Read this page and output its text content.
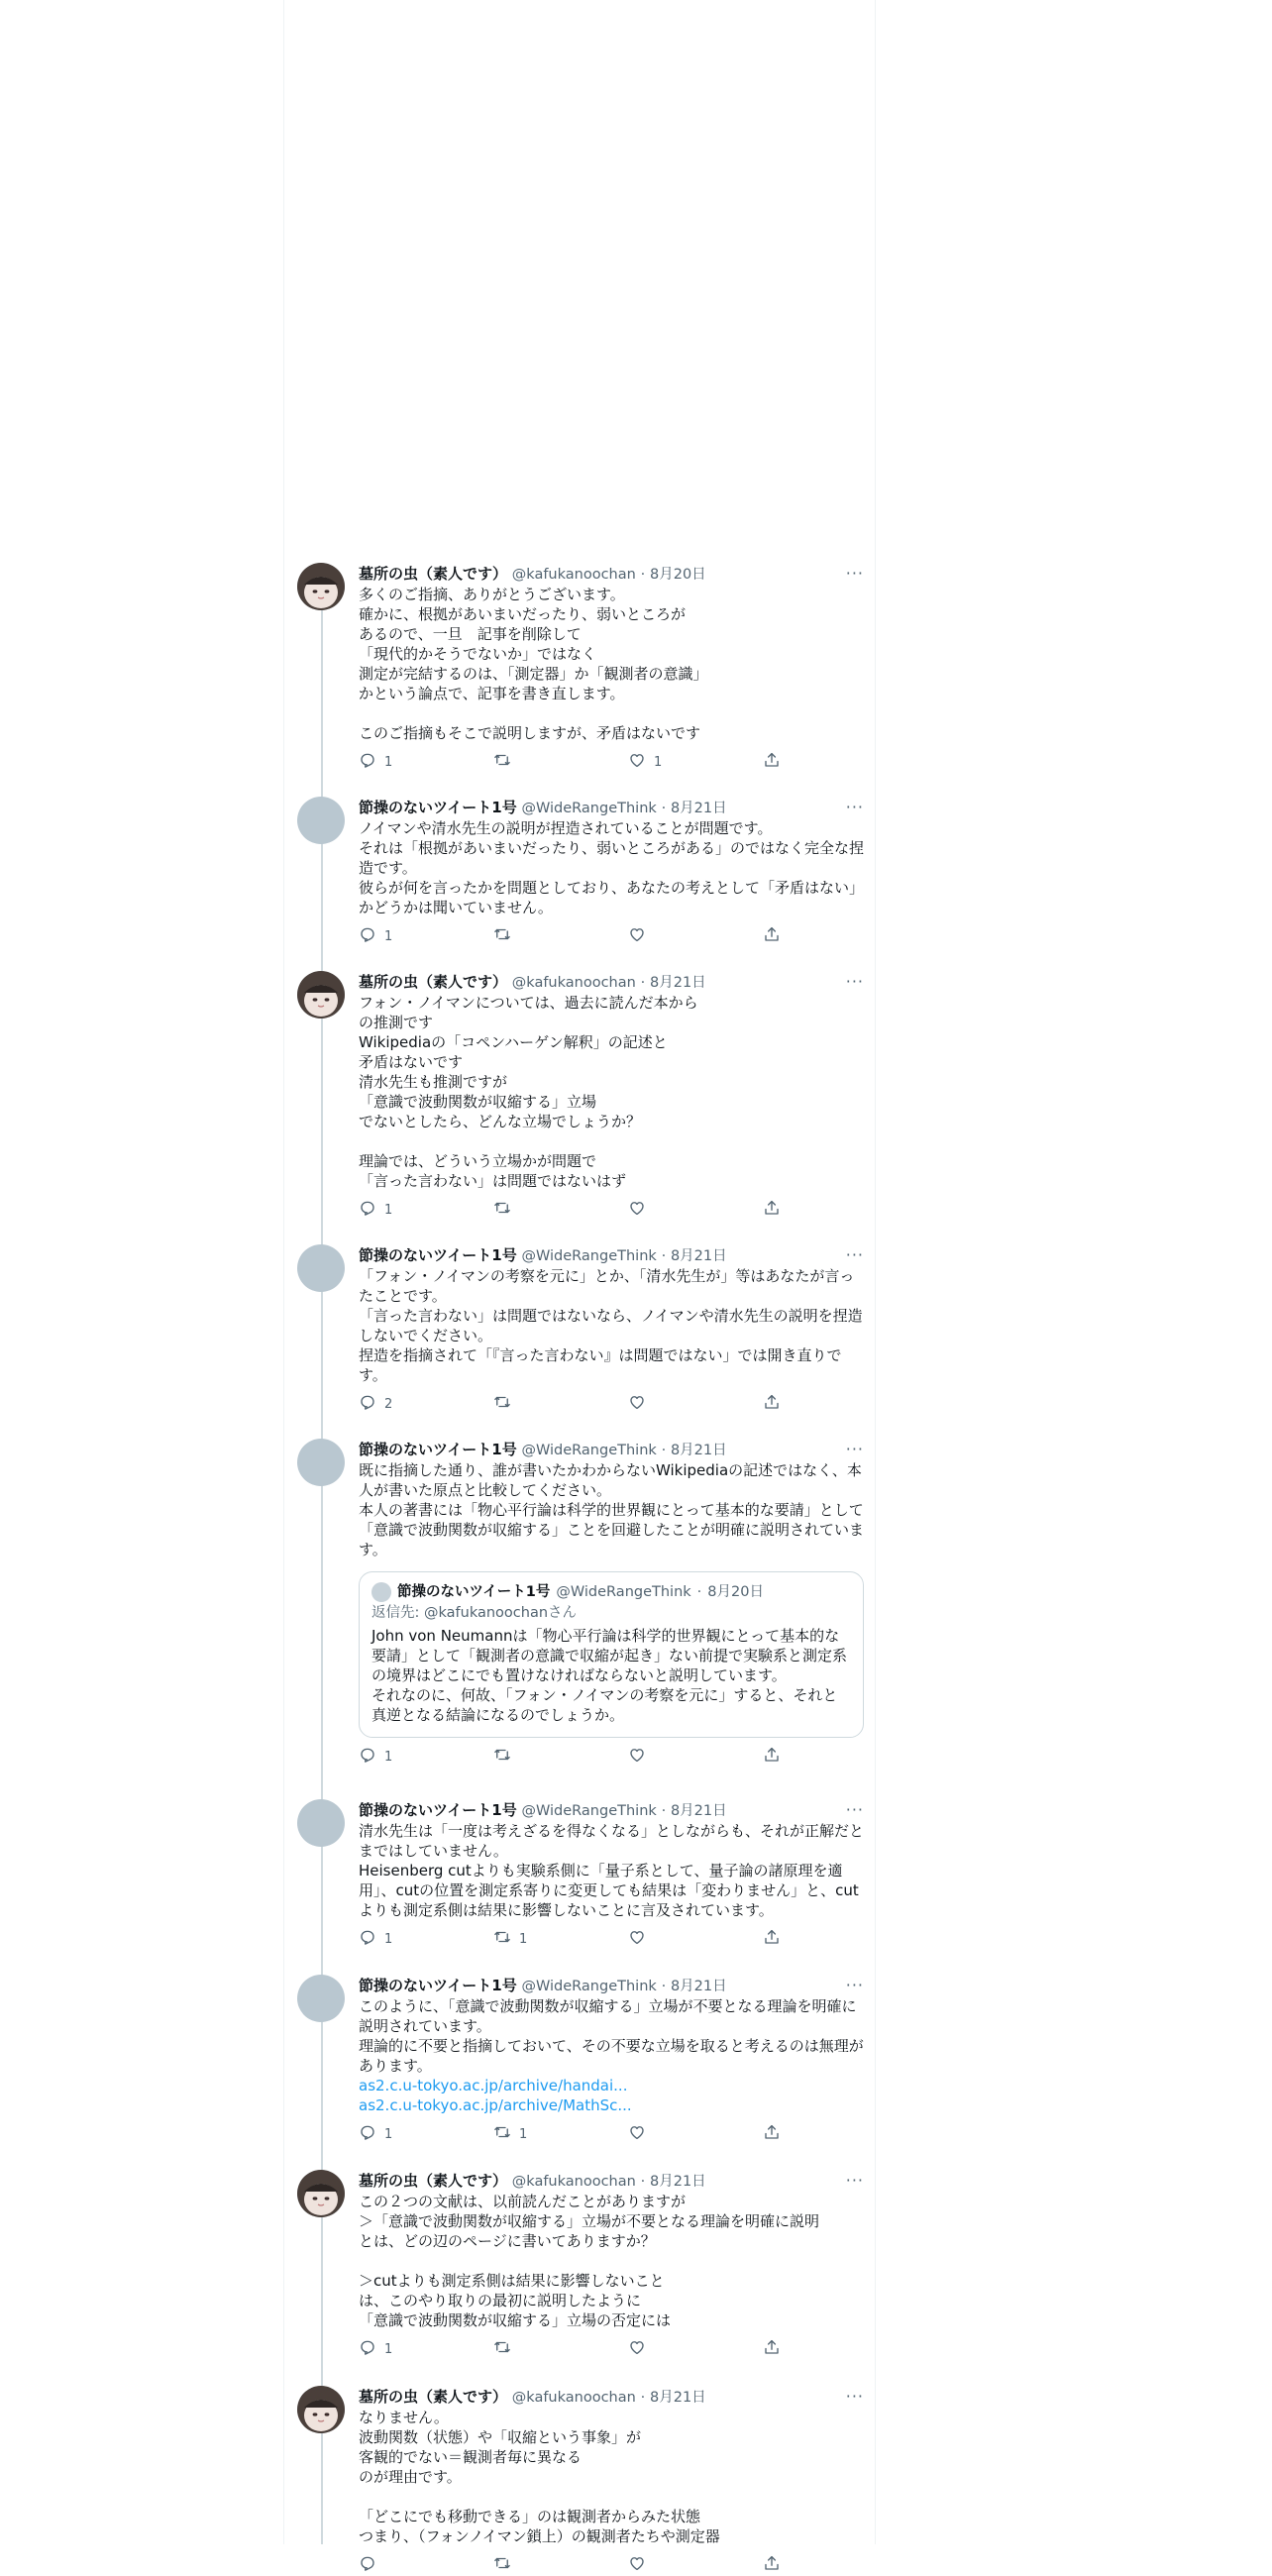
墓所の虫（素人です） @kafukanoochan · 8月20日	···
多くのご指摘、ありがとうございます。
確かに、根拠があいまいだったり、弱いところが
あるので、一旦　記事を削除して
「現代的かそうでないか」ではなく
測定が完結するのは、「測定器」か「観測者の意識」
かという論点で、記事を書き直します。

このご指摘もそこで説明しますが、矛盾はないです
1	1
節操のないツイート1号 @WideRangeThink · 8月21日	···
ノイマンや清水先生の説明が捏造されていることが問題です。
それは「根拠があいまいだったり、弱いところがある」のではなく完全な捏造です。
彼らが何を言ったかを問題としており、あなたの考えとして「矛盾はない」かどうかは聞いていません。
1
墓所の虫（素人です） @kafukanoochan · 8月21日	···
フォン・ノイマンについては、過去に読んだ本から
の推測です
Wikipediaの「コペンハーゲン解釈」の記述と
矛盾はないです
清水先生も推測ですが
「意識で波動関数が収縮する」立場
でないとしたら、どんな立場でしょうか？

理論では、どういう立場かが問題で
「言った言わない」は問題ではないはず
1
節操のないツイート1号 @WideRangeThink · 8月21日	···
「フォン・ノイマンの考察を元に」とか、「清水先生が」等はあなたが言ったことです。
「言った言わない」は問題ではないなら、ノイマンや清水先生の説明を捏造しないでください。
捏造を指摘されて「『言った言わない』は問題ではない」では開き直りです。
2
節操のないツイート1号 @WideRangeThink · 8月21日	···
既に指摘した通り、誰が書いたかわからないWikipediaの記述ではなく、本人が書いた原点と比較してください。
本人の著書には「物心平行論は科学的世界観にとって基本的な要請」として「意識で波動関数が収縮する」ことを回避したことが明確に説明されています。
節操のないツイート1号 @WideRangeThink · 8月20日
返信先: @kafukanoochanさん
John von Neumannは「物心平行論は科学的世界観にとって基本的な要請」として「観測者の意識で収縮が起き」ない前提で実験系と測定系の境界はどこにでも置けなければならないと説明しています。
それなのに、何故、「フォン・ノイマンの考察を元に」すると、それと真逆となる結論になるのでしょうか。
1
節操のないツイート1号 @WideRangeThink · 8月21日	···
清水先生は「一度は考えざるを得なくなる」としながらも、それが正解だとまではしていません。
Heisenberg cutよりも実験系側に「量子系として、量子論の諸原理を適用」、cutの位置を測定系寄りに変更しても結果は「変わりません」と、cutよりも測定系側は結果に影響しないことに言及されています。
1	1
節操のないツイート1号 @WideRangeThink · 8月21日	···
このように、「意識で波動関数が収縮する」立場が不要となる理論を明確に説明されています。
理論的に不要と指摘しておいて、その不要な立場を取ると考えるのは無理があります。
as2.c.u-tokyo.ac.jp/archive/handai...
as2.c.u-tokyo.ac.jp/archive/MathSc...
1	1
墓所の虫（素人です） @kafukanoochan · 8月21日	···
この２つの文献は、以前読んだことがありますが
＞「意識で波動関数が収縮する」立場が不要となる理論を明確に説明
とは、どの辺のページに書いてありますか？

＞cutよりも測定系側は結果に影響しないこと
は、このやり取りの最初に説明したように
「意識で波動関数が収縮する」立場の否定には
1
墓所の虫（素人です） @kafukanoochan · 8月21日	···
なりません。
波動関数（状態）や「収縮という事象」が
客観的でない＝観測者毎に異なる
のが理由です。

「どこにでも移動できる」のは観測者からみた状態
つまり、（フォンノイマン鎖上）の観測者たちや測定器
